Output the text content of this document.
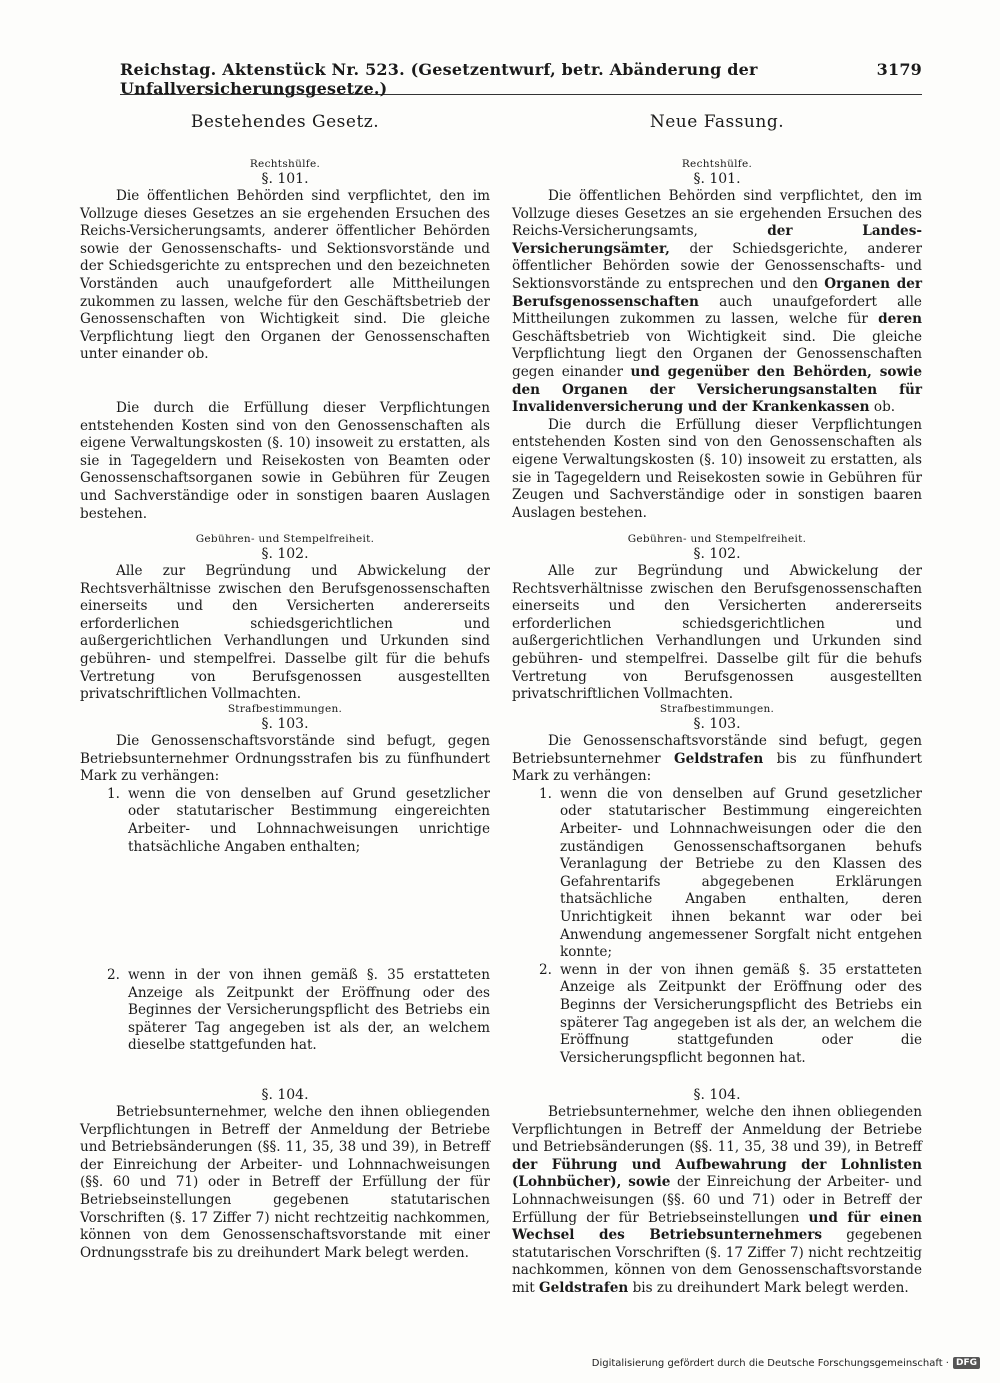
Reichstag. Aktenstück Nr. 523. (Gesetzentwurf, betr. Abänderung der Unfallversicherungsgesetze.)
3179
Bestehendes Gesetz.
Rechtshülfe.
§. 101.

Die öffentlichen Behörden sind verpflichtet, den im Vollzuge dieses Gesetzes an sie ergehenden Ersuchen des Reichs-Versicherungsamts, anderer öffentlicher Behörden sowie der Genossenschafts- und Sektionsvorstände und der Schiedsgerichte zu entsprechen und den bezeichneten Vorständen auch unaufgefordert alle Mittheilungen zukommen zu lassen, welche für den Geschäftsbetrieb der Genossenschaften von Wichtigkeit sind. Die gleiche Verpflichtung liegt den Organen der Genossenschaften unter einander ob.

Die durch die Erfüllung dieser Verpflichtungen entstehenden Kosten sind von den Genossenschaften als eigene Verwaltungskosten (§. 10) insoweit zu erstatten, als sie in Tagegeldern und Reisekosten von Beamten oder Genossenschaftsorganen sowie in Gebühren für Zeugen und Sachverständige oder in sonstigen baaren Auslagen bestehen.

Gebühren- und Stempelfreiheit.
§. 102.

Alle zur Begründung und Abwickelung der Rechtsverhältnisse zwischen den Berufsgenossenschaften einerseits und den Versicherten andererseits erforderlichen schiedsgerichtlichen und außergerichtlichen Verhandlungen und Urkunden sind gebühren- und stempelfrei. Dasselbe gilt für die behufs Vertretung von Berufsgenossen ausgestellten privatschriftlichen Vollmachten.

Strafbestimmungen.
§. 103.

Die Genossenschaftsvorstände sind befugt, gegen Betriebsunternehmer Ordnungsstrafen bis zu fünfhundert Mark zu verhängen:

1. wenn die von denselben auf Grund gesetzlicher oder statutarischer Bestimmung eingereichten Arbeiter- und Lohnnachweisungen unrichtige thatsächliche Angaben enthalten;
2. wenn in der von ihnen gemäß §. 35 erstatteten Anzeige als Zeitpunkt der Eröffnung oder des Beginnes der Versicherungspflicht des Betriebs ein späterer Tag angegeben ist als der, an welchem dieselbe stattgefunden hat.
§. 104.

Betriebsunternehmer, welche den ihnen obliegenden Verpflichtungen in Betreff der Anmeldung der Betriebe und Betriebsänderungen (§§. 11, 35, 38 und 39), in Betreff der Einreichung der Arbeiter- und Lohnnachweisungen (§§. 60 und 71) oder in Betreff der Erfüllung der für Betriebseinstellungen gegebenen statutarischen Vorschriften (§. 17 Ziffer 7) nicht rechtzeitig nachkommen, können von dem Genossenschaftsvorstande mit einer Ordnungsstrafe bis zu dreihundert Mark belegt werden.

Neue Fassung.
Rechtshülfe.
§. 101.

Die öffentlichen Behörden sind verpflichtet, den im Vollzuge dieses Gesetzes an sie ergehenden Ersuchen des Reichs-Versicherungsamts,	der Landes-Versicherungsämter, der Schiedsgerichte, anderer öffentlicher Behörden sowie der Genossenschafts- und Sektionsvorstände zu entsprechen und den Organen der Berufsgenossenschaften auch unaufgefordert alle Mittheilungen zukommen zu lassen, welche für deren Geschäftsbetrieb von Wichtigkeit sind. Die gleiche Verpflichtung liegt den Organen der Genossenschaften gegen einander und gegenüber den Behörden, sowie den Organen der Versicherungsanstalten für Invalidenversicherung und der Krankenkassen ob.

Die durch die Erfüllung dieser Verpflichtungen entstehenden Kosten sind von den Genossenschaften als eigene Verwaltungskosten (§. 10) insoweit zu erstatten, als sie in Tagegeldern und Reisekosten sowie in Gebühren für Zeugen und Sachverständige oder in sonstigen baaren Auslagen bestehen.

Gebühren- und Stempelfreiheit.
§. 102.

Alle zur Begründung und Abwickelung der Rechtsverhältnisse zwischen den Berufsgenossenschaften einerseits und den Versicherten andererseits erforderlichen schiedsgerichtlichen und außergerichtlichen Verhandlungen und Urkunden sind gebühren- und stempelfrei. Dasselbe gilt für die behufs Vertretung von Berufsgenossen ausgestellten privatschriftlichen Vollmachten.

Strafbestimmungen.
§. 103.

Die Genossenschaftsvorstände sind befugt, gegen Betriebsunternehmer Geldstrafen bis zu fünfhundert Mark zu verhängen:

1. wenn die von denselben auf Grund gesetzlicher oder statutarischer Bestimmung eingereichten Arbeiter- und Lohnnachweisungen oder die den zuständigen Genossenschaftsorganen behufs Veranlagung der Betriebe zu den Klassen des Gefahrentarifs abgegebenen Erklärungen thatsächliche Angaben enthalten, deren Unrichtigkeit ihnen bekannt war oder bei Anwendung angemessener Sorgfalt nicht entgehen konnte;
2. wenn in der von ihnen gemäß §. 35 erstatteten Anzeige als Zeitpunkt der Eröffnung oder des Beginns der Versicherungspflicht des Betriebs ein späterer Tag angegeben ist als der, an welchem die Eröffnung stattgefunden oder die Versicherungspflicht begonnen hat.
§. 104.

Betriebsunternehmer, welche den ihnen obliegenden Verpflichtungen in Betreff der Anmeldung der Betriebe und Betriebsänderungen (§§. 11, 35, 38 und 39), in Betreff der Führung und Aufbewahrung der Lohnlisten (Lohnbücher), sowie der Einreichung der Arbeiter- und Lohnnachweisungen (§§. 60 und 71) oder in Betreff der Erfüllung der für Betriebseinstellungen und für einen Wechsel des Betriebsunternehmers gegebenen statutarischen Vorschriften (§. 17 Ziffer 7) nicht rechtzeitig nachkommen, können von dem Genossenschaftsvorstande mit Geldstrafen bis zu dreihundert Mark belegt werden.

Digitalisierung gefördert durch die Deutsche Forschungsgemeinschaft · DFG
